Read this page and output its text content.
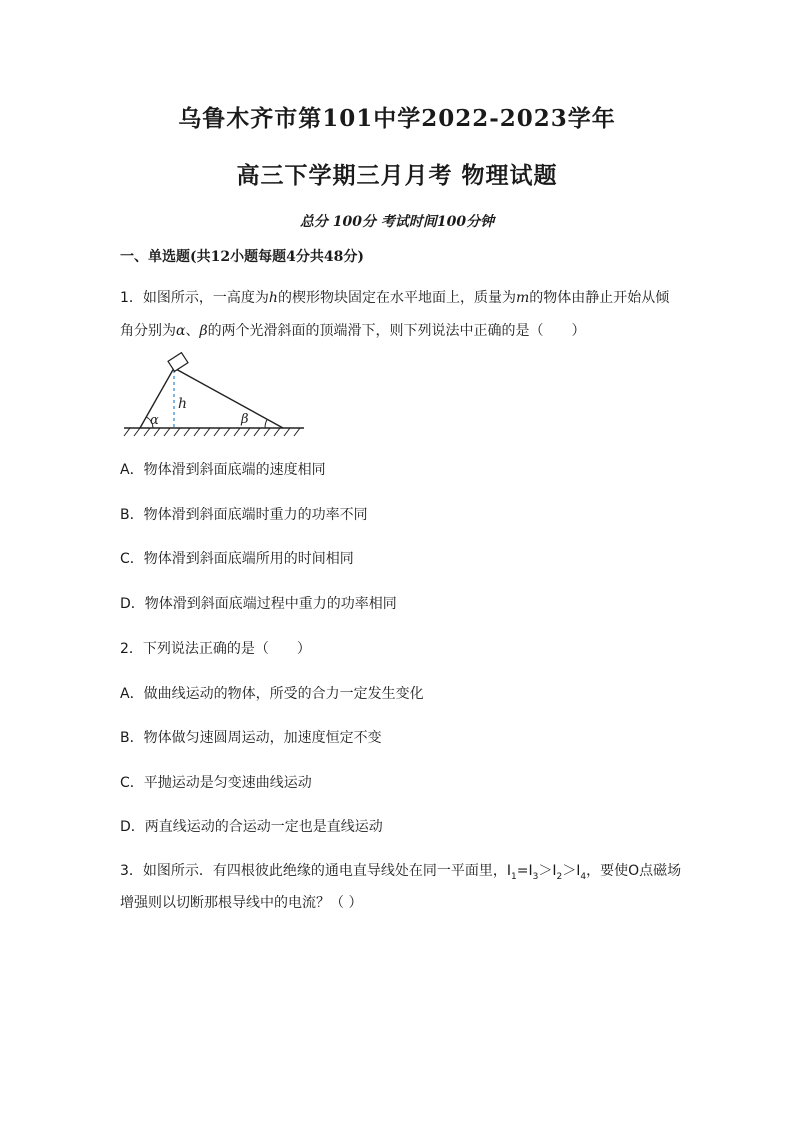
乌鲁木齐市第101中学2022-2023学年
高三下学期三月月考 物理试题
总分 100分 考试时间100分钟
一、单选题(共12小题每题4分共48分)
1．如图所示，一高度为h的楔形物块固定在水平地面上，质量为m的物体由静止开始从倾
角分别为α、β的两个光滑斜面的顶端滑下，则下列说法中正确的是（　　）
h
α	β
A．物体滑到斜面底端的速度相同
B．物体滑到斜面底端时重力的功率不同
C．物体滑到斜面底端所用的时间相同
D．物体滑到斜面底端过程中重力的功率相同
2．下列说法正确的是（　　）
A．做曲线运动的物体，所受的合力一定发生变化
B．物体做匀速圆周运动，加速度恒定不变
C．平抛运动是匀变速曲线运动
D．两直线运动的合运动一定也是直线运动
3．如图所示．有四根彼此绝缘的通电直导线处在同一平面里，$I_1=I_3>I_2>I_4$，要使O点磁场
增强则以切断那根导线中的电流？（ ）
